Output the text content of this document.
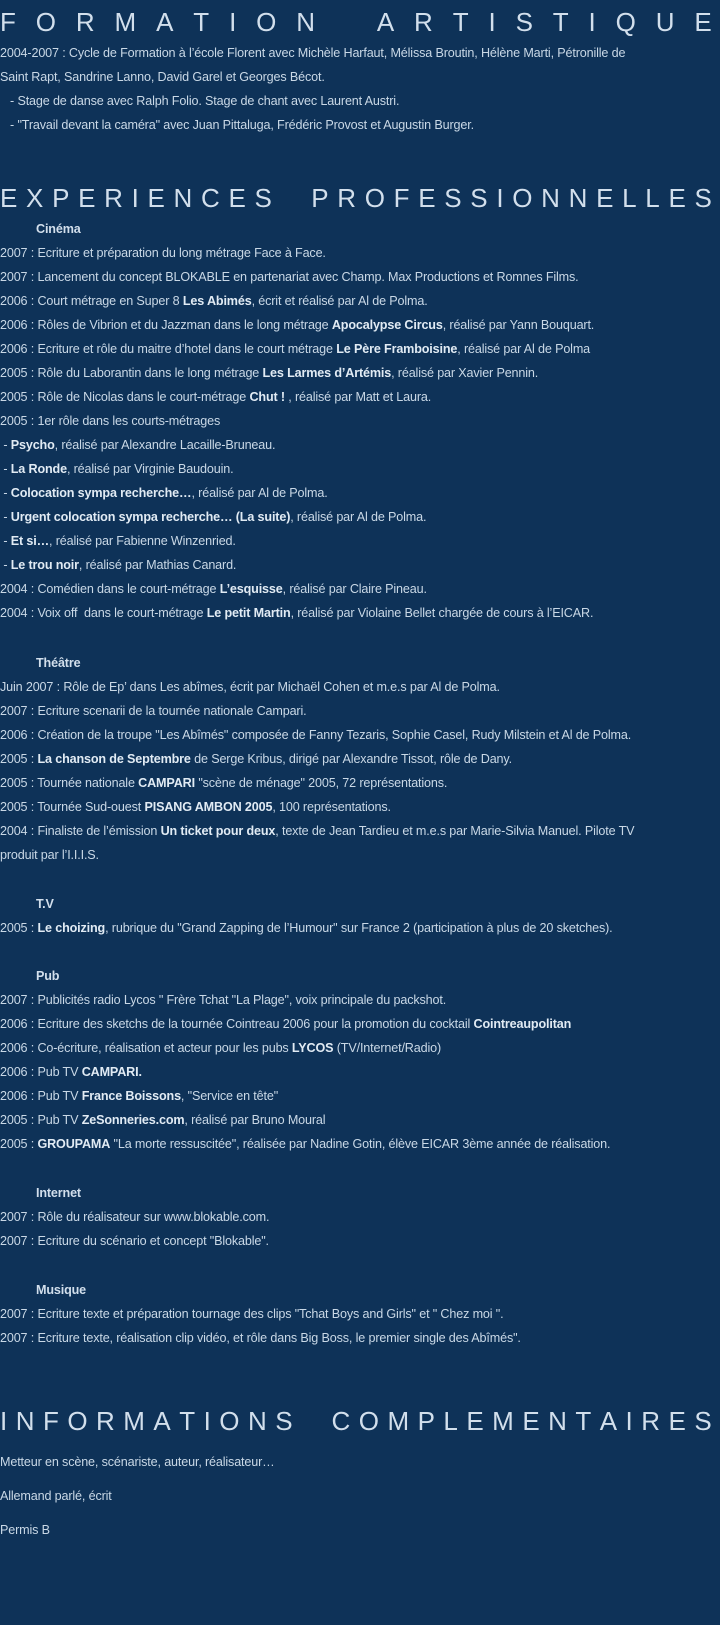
F O R M A T I O N
A R T I S T I Q U E
2004-2007 : Cycle de Formation à l’école Florent avec Michèle Harfaut, Mélissa Broutin, Hélène Marti, Pétronille de
Saint Rapt, Sandrine Lanno, David Garel et Georges Bécot.
- Stage de danse avec Ralph Folio. Stage de chant avec Laurent Austri.
- "Travail devant la caméra" avec Juan Pittaluga, Frédéric Provost et Augustin Burger.
E X P E R I E N C E S
P R O F E S S I O N N E L L E S
Cinéma
2007 : Ecriture et préparation du long métrage Face à Face.
2007 : Lancement du concept BLOKABLE en partenariat avec Champ. Max Productions et Romnes Films.
2006 : Court métrage en Super 8 Les Abimés, écrit et réalisé par Al de Polma.
2006 : Rôles de Vibrion et du Jazzman dans le long métrage Apocalypse Circus, réalisé par Yann Bouquart.
2006 : Ecriture et rôle du maitre d’hotel dans le court métrage Le Père Framboisine, réalisé par Al de Polma
2005 : Rôle du Laborantin dans le long métrage Les Larmes d’Artémis, réalisé par Xavier Pennin.
2005 : Rôle de Nicolas dans le court-métrage Chut ! , réalisé par Matt et Laura.
2005 : 1er rôle dans les courts-métrages
- Psycho, réalisé par Alexandre Lacaille-Bruneau.
- La Ronde, réalisé par Virginie Baudouin.
- Colocation sympa recherche…, réalisé par Al de Polma.
- Urgent colocation sympa recherche… (La suite), réalisé par Al de Polma.
- Et si…, réalisé par Fabienne Winzenried.
- Le trou noir, réalisé par Mathias Canard.
2004 : Comédien dans le court-métrage L’esquisse, réalisé par Claire Pineau.
2004 : Voix off  dans le court-métrage Le petit Martin, réalisé par Violaine Bellet chargée de cours à l’EICAR.
Théâtre
Juin 2007 : Rôle de Ep’ dans Les abîmes, écrit par Michaël Cohen et m.e.s par Al de Polma.
2007 : Ecriture scenarii de la tournée nationale Campari.
2006 : Création de la troupe "Les Abîmés" composée de Fanny Tezaris, Sophie Casel, Rudy Milstein et Al de Polma.
2005 : La chanson de Septembre de Serge Kribus, dirigé par Alexandre Tissot, rôle de Dany.
2005 : Tournée nationale CAMPARI "scène de ménage" 2005, 72 représentations.
2005 : Tournée Sud-ouest PISANG AMBON 2005, 100 représentations.
2004 : Finaliste de l’émission Un ticket pour deux, texte de Jean Tardieu et m.e.s par Marie-Silvia Manuel. Pilote TV
produit par l’I.I.I.S.
T.V
2005 : Le choizing, rubrique du "Grand Zapping de l’Humour" sur France 2 (participation à plus de 20 sketches).
Pub
2007 : Publicités radio Lycos " Frère Tchat "La Plage", voix principale du packshot.
2006 : Ecriture des sketchs de la tournée Cointreau 2006 pour la promotion du cocktail Cointreaupolitan
2006 : Co-écriture, réalisation et acteur pour les pubs LYCOS (TV/Internet/Radio)
2006 : Pub TV CAMPARI.
2006 : Pub TV France Boissons, "Service en tête"
2005 : Pub TV ZeSonneries.com, réalisé par Bruno Moural
2005 : GROUPAMA "La morte ressuscitée", réalisée par Nadine Gotin, élève EICAR 3ème année de réalisation.
Internet
2007 : Rôle du réalisateur sur www.blokable.com.
2007 : Ecriture du scénario et concept "Blokable".
Musique
2007 : Ecriture texte et préparation tournage des clips "Tchat Boys and Girls" et " Chez moi ".
2007 : Ecriture texte, réalisation clip vidéo, et rôle dans Big Boss, le premier single des Abîmés".
I N F O R M A T I O N S
C O M P L E M E N T A I R E S
Metteur en scène, scénariste, auteur, réalisateur…
Allemand parlé, écrit
Permis B
